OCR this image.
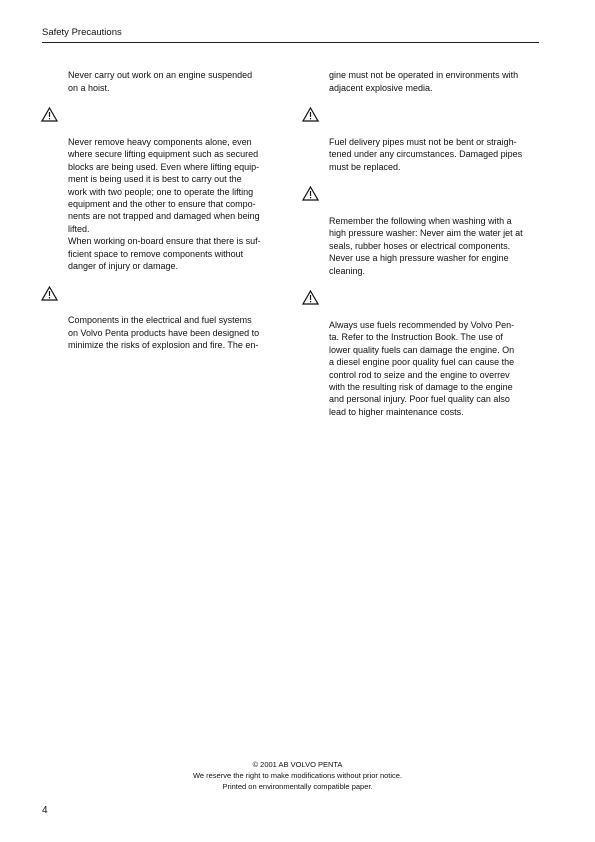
Safety Precautions

Never carry out work on an engine suspended
on a hoist.

Never remove heavy components alone, even
where secure lifting equipment such as secured
blocks are being used. Even where lifting equip-
ment is being used it is best to carry out the
work with two people; one to operate the lifting
equipment and the other to ensure that compo-
nents are not trapped and damaged when being
lifted.
When working on-board ensure that there is suf-
ficient space to remove components without
danger of injury or damage.

Components in the electrical and fuel systems
on Volvo Penta products have been designed to
minimize the risks of explosion and fire. The en-

gine must not be operated in environments with
adjacent explosive media.

Fuel delivery pipes must not be bent or straigh-
tened under any circumstances. Damaged pipes
must be replaced.

Remember the following when washing with a
high pressure washer: Never aim the water jet at
seals, rubber hoses or electrical components.
Never use a high pressure washer for engine
cleaning.

Always use fuels recommended by Volvo Pen-
ta. Refer to the Instruction Book. The use of
lower quality fuels can damage the engine. On
a diesel engine poor quality fuel can cause the
control rod to seize and the engine to overrev
with the resulting risk of damage to the engine
and personal injury. Poor fuel quality can also
lead to higher maintenance costs.

© 2001 AB VOLVO PENTA
We reserve the right to make modifications without prior notice.
Printed on environmentally compatible paper.
4
